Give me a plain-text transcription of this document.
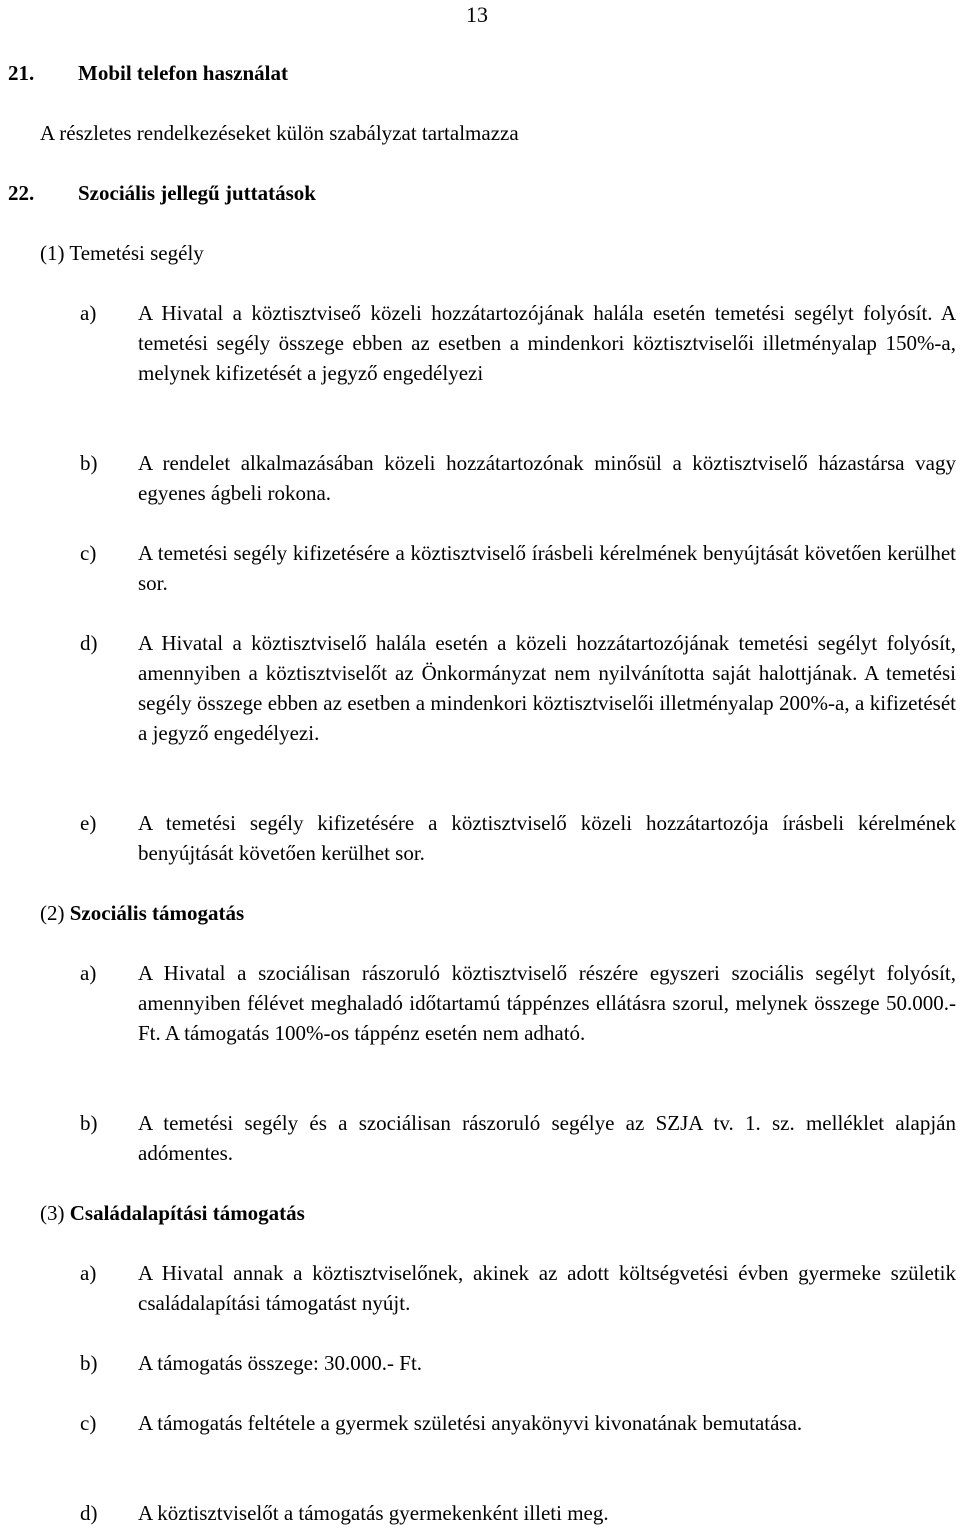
13
21. Mobil telefon használat
A részletes rendelkezéseket külön szabályzat tartalmazza
22. Szociális jellegű juttatások
(1) Temetési segély
a) A Hivatal a köztisztviseő közeli hozzátartozójának halála esetén temetési segélyt folyósít. A temetési segély összege ebben az esetben a mindenkori köztisztviselői illetményalap 150%-a, melynek kifizetését a jegyző engedélyezi
b) A rendelet alkalmazásában közeli hozzátartozónak minősül a köztisztviselő házastársa vagy egyenes ágbeli rokona.
c) A temetési segély kifizetésére a köztisztviselő írásbeli kérelmének benyújtását követően kerülhet sor.
d) A Hivatal a köztisztviselő halála esetén a közeli hozzátartozójának temetési segélyt folyósít, amennyiben a köztisztviselőt az Önkormányzat nem nyilvánította saját halottjának. A temetési segély összege ebben az esetben a mindenkori köztisztviselői illetményalap 200%-a, a kifizetését a jegyző engedélyezi.
e) A temetési segély kifizetésére a köztisztviselő közeli hozzátartozója írásbeli kérelmének benyújtását követően kerülhet sor.
(2) Szociális támogatás
a) A Hivatal a szociálisan rászoruló köztisztviselő részére egyszeri szociális segélyt folyósít, amennyiben félévet meghaladó időtartamú táppénzes ellátásra szorul, melynek összege 50.000.-Ft. A támogatás 100%-os táppénz esetén nem adható.
b) A temetési segély és a szociálisan rászoruló segélye az SZJA tv. 1. sz. melléklet alapján adómentes.
(3) Családalapítási támogatás
a) A Hivatal annak a köztisztviselőnek, akinek az adott költségvetési évben gyermeke születik családalapítási támogatást nyújt.
b) A támogatás összege: 30.000.- Ft.
c) A támogatás feltétele a gyermek születési anyakönyvi kivonatának bemutatása.
d) A köztisztviselőt a támogatás gyermekenként illeti meg.
